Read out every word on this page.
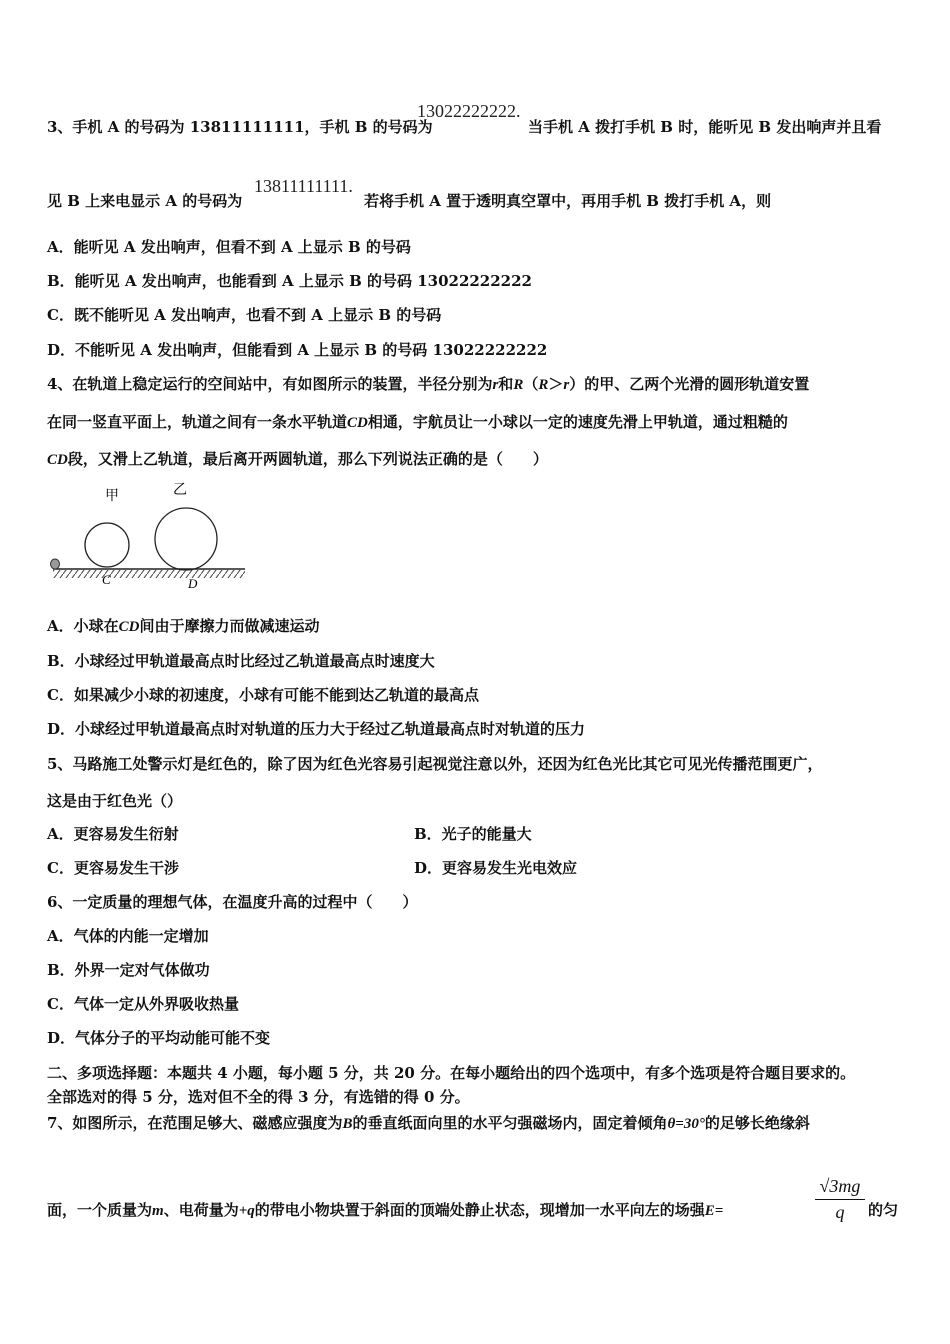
3、手机 A 的号码为 13811111111，手机 B 的号码为
13022222222.
当手机 A 拨打手机 B 时，能听见 B 发出响声并且看
见 B 上来电显示 A 的号码为
13811111111.
若将手机 A 置于透明真空罩中，再用手机 B 拨打手机 A，则
A．能听见 A 发出响声，但看不到 A 上显示 B 的号码
B．能听见 A 发出响声，也能看到 A 上显示 B 的号码 13022222222
C．既不能听见 A 发出响声，也看不到 A 上显示 B 的号码
D．不能听见 A 发出响声，但能看到 A 上显示 B 的号码 13022222222
4、在轨道上稳定运行的空间站中，有如图所示的装置，半径分别为r和R（R＞r）的甲、乙两个光滑的圆形轨道安置
在同一竖直平面上，轨道之间有一条水平轨道CD相通，宇航员让一小球以一定的速度先滑上甲轨道，通过粗糙的
CD段，又滑上乙轨道，最后离开两圆轨道，那么下列说法正确的是（　　）
甲	乙
C	D
A．小球在CD间由于摩擦力而做减速运动
B．小球经过甲轨道最高点时比经过乙轨道最高点时速度大
C．如果减少小球的初速度，小球有可能不能到达乙轨道的最高点
D．小球经过甲轨道最高点时对轨道的压力大于经过乙轨道最高点时对轨道的压力
5、马路施工处警示灯是红色的，除了因为红色光容易引起视觉注意以外，还因为红色光比其它可见光传播范围更广，
这是由于红色光（）
A．更容易发生衍射	B．光子的能量大
C．更容易发生干涉	D．更容易发生光电效应
6、一定质量的理想气体，在温度升高的过程中（　　）
A．气体的内能一定增加
B．外界一定对气体做功
C．气体一定从外界吸收热量
D．气体分子的平均动能可能不变
二、多项选择题：本题共 4 小题，每小题 5 分，共 20 分。在每小题给出的四个选项中，有多个选项是符合题目要求的。
全部选对的得 5 分，选对但不全的得 3 分，有选错的得 0 分。
7、如图所示，在范围足够大、磁感应强度为B的垂直纸面向里的水平匀强磁场内，固定着倾角θ=30°的足够长绝缘斜
面，一个质量为m、电荷量为+q的带电小物块置于斜面的顶端处静止状态，现增加一水平向左的场强E=
√3mg
q	的匀
